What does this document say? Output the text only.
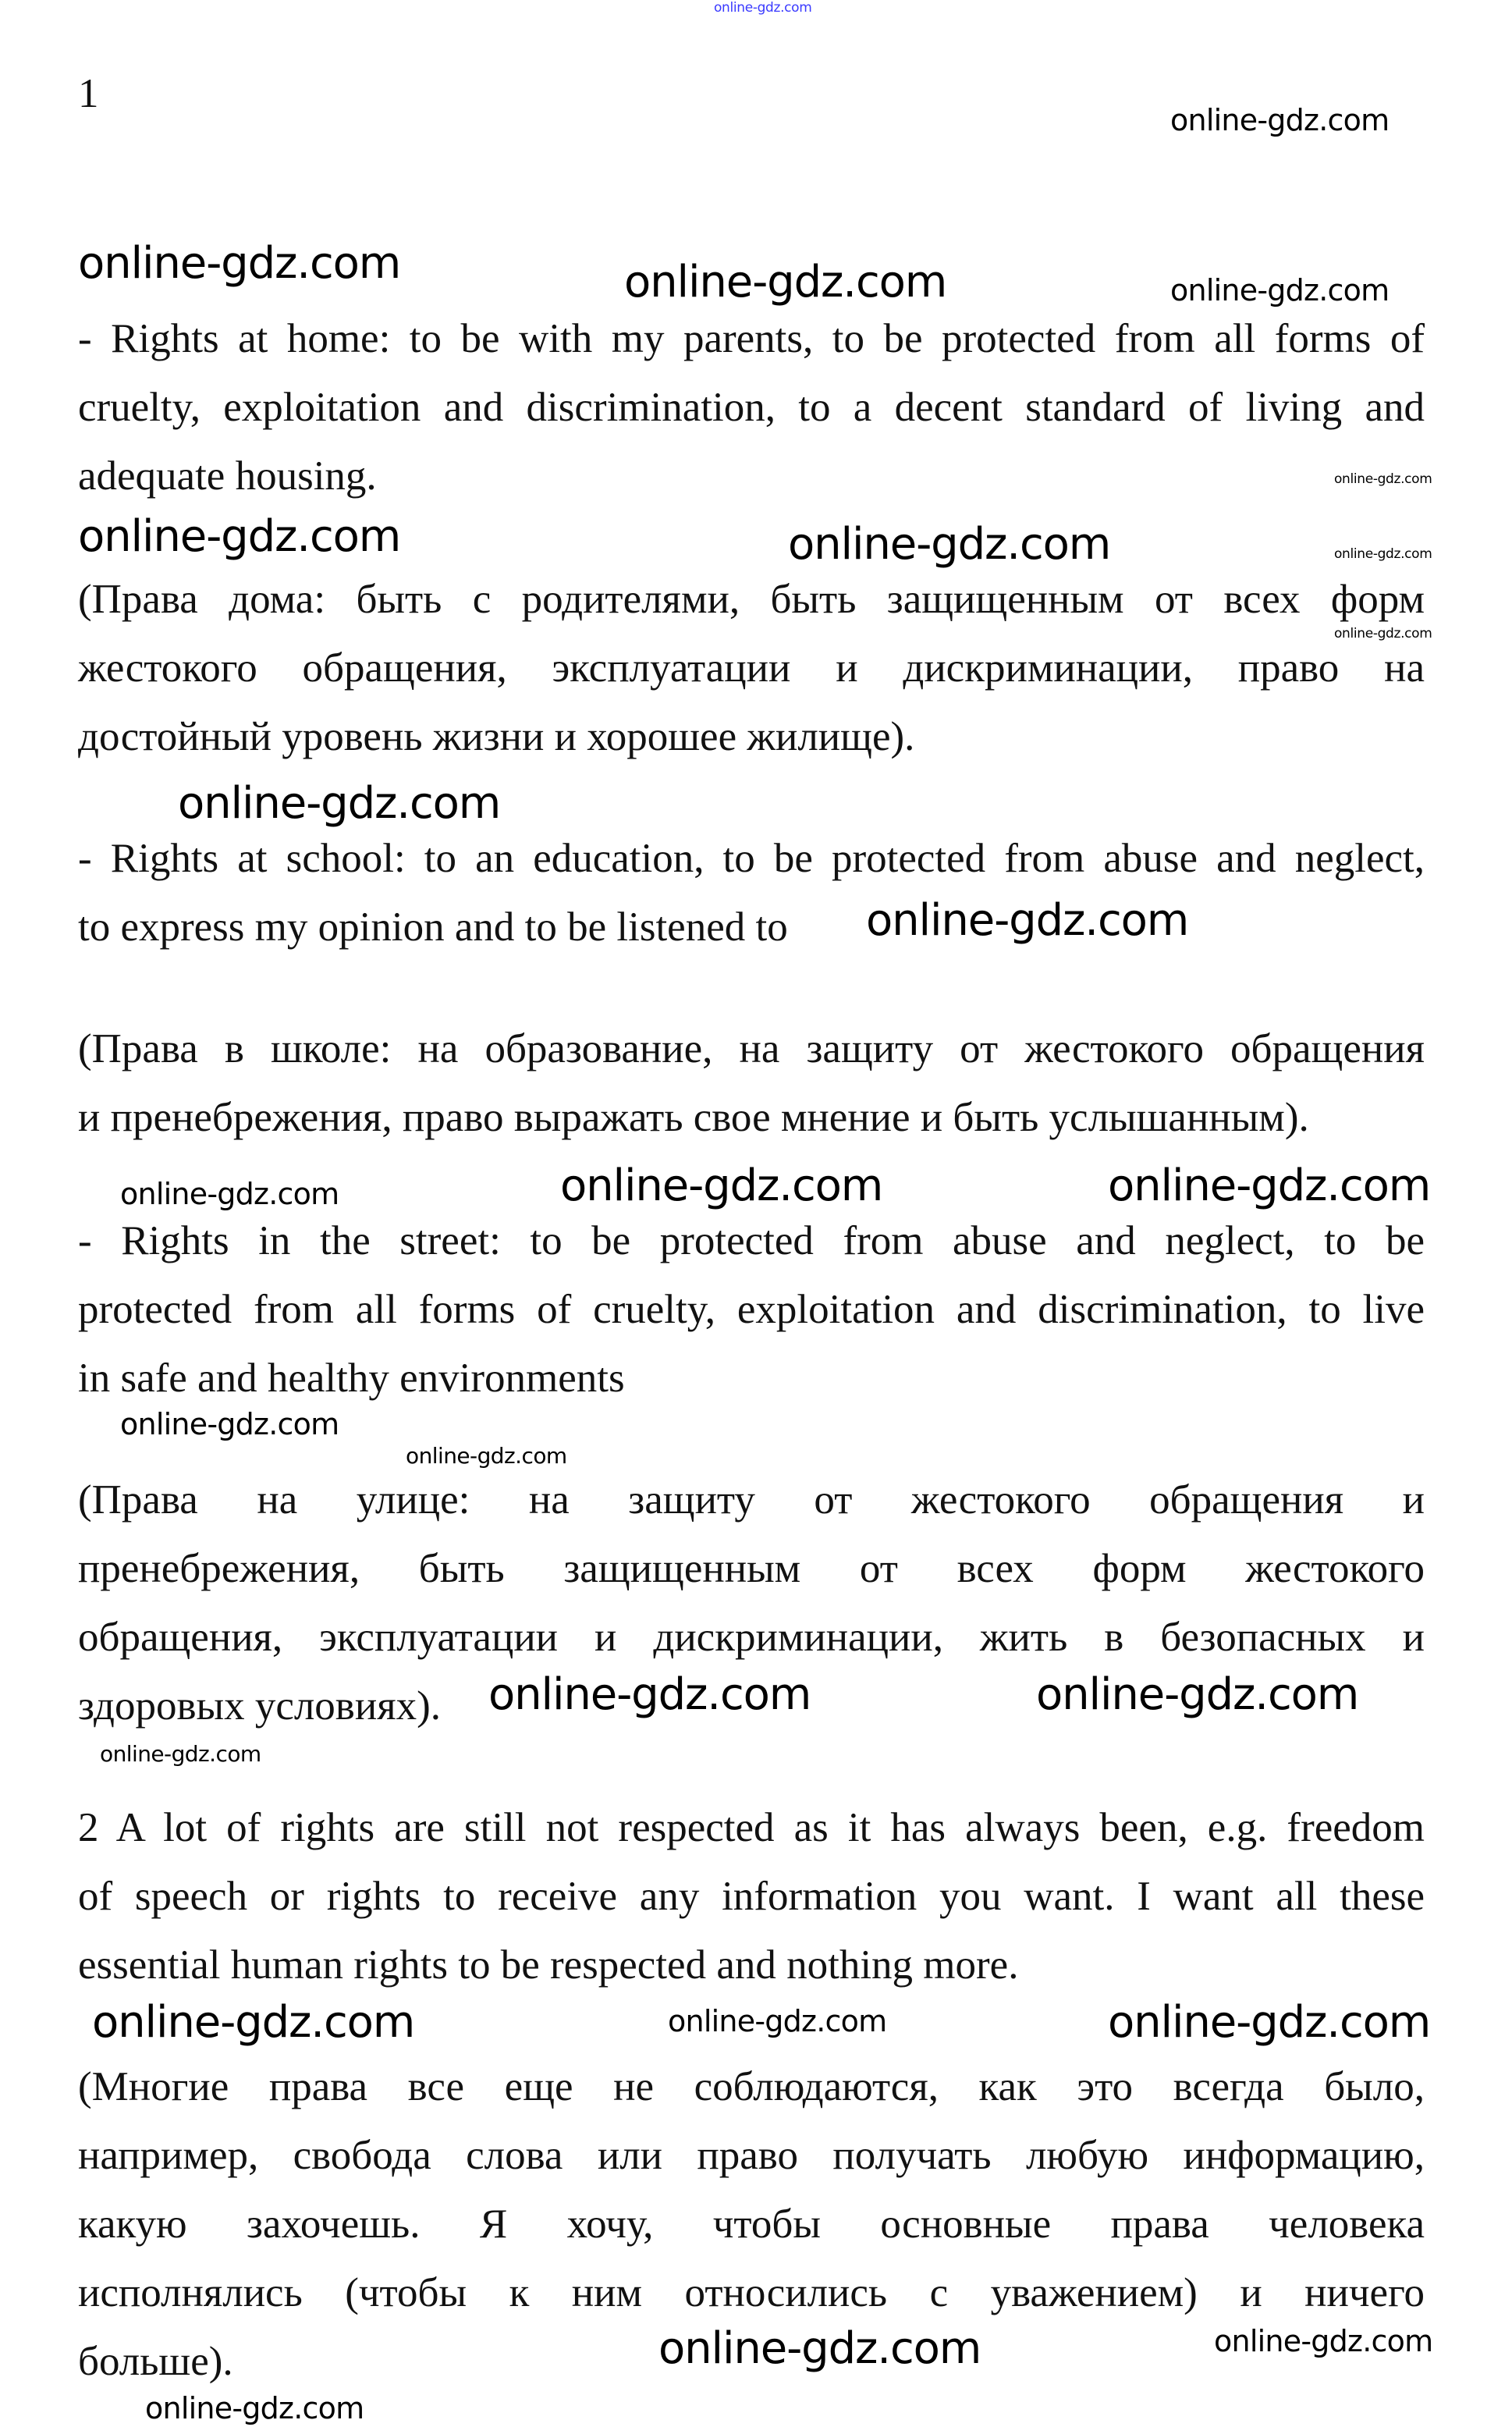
1
- Rights at home: to be with my parents, to be protected from all forms of
cruelty, exploitation and discrimination, to a decent standard of living and
adequate housing.
(Права дома: быть с родителями, быть защищенным от всех форм
жестокого обращения, эксплуатации и дискриминации, право на
достойный уровень жизни и хорошее жилище).
- Rights at school: to an education, to be protected from abuse and neglect,
to express my opinion and to be listened to
(Права в школе: на образование, на защиту от жестокого обращения
и пренебрежения, право выражать свое мнение и быть услышанным).
- Rights in the street: to be protected from abuse and neglect, to be
protected from all forms of cruelty, exploitation and discrimination, to live
in safe and healthy environments
(Права на улице: на защиту от жестокого обращения и
пренебрежения, быть защищенным от всех форм жестокого
обращения, эксплуатации и дискриминации, жить в безопасных и
здоровых условиях).
2 A lot of rights are still not respected as it has always been, e.g. freedom
of speech or rights to receive any information you want. I want all these
essential human rights to be respected and nothing more.
(Многие права все еще не соблюдаются, как это всегда было,
например, свобода слова или право получать любую информацию,
какую захочешь. Я хочу, чтобы основные права человека
исполнялись (чтобы к ним относились с уважением) и ничего
больше).
online-gdz.com
online-gdz.com
online-gdz.com	online-gdz.com	online-gdz.com
online-gdz.com
online-gdz.com	online-gdz.com	online-gdz.com
online-gdz.com
online-gdz.com
online-gdz.com
online-gdz.com	online-gdz.com	online-gdz.com
online-gdz.com
online-gdz.com
online-gdz.com	online-gdz.com
online-gdz.com
online-gdz.com
online-gdz.com	online-gdz.com
online-gdz.com
online-gdz.com
online-gdz.com
